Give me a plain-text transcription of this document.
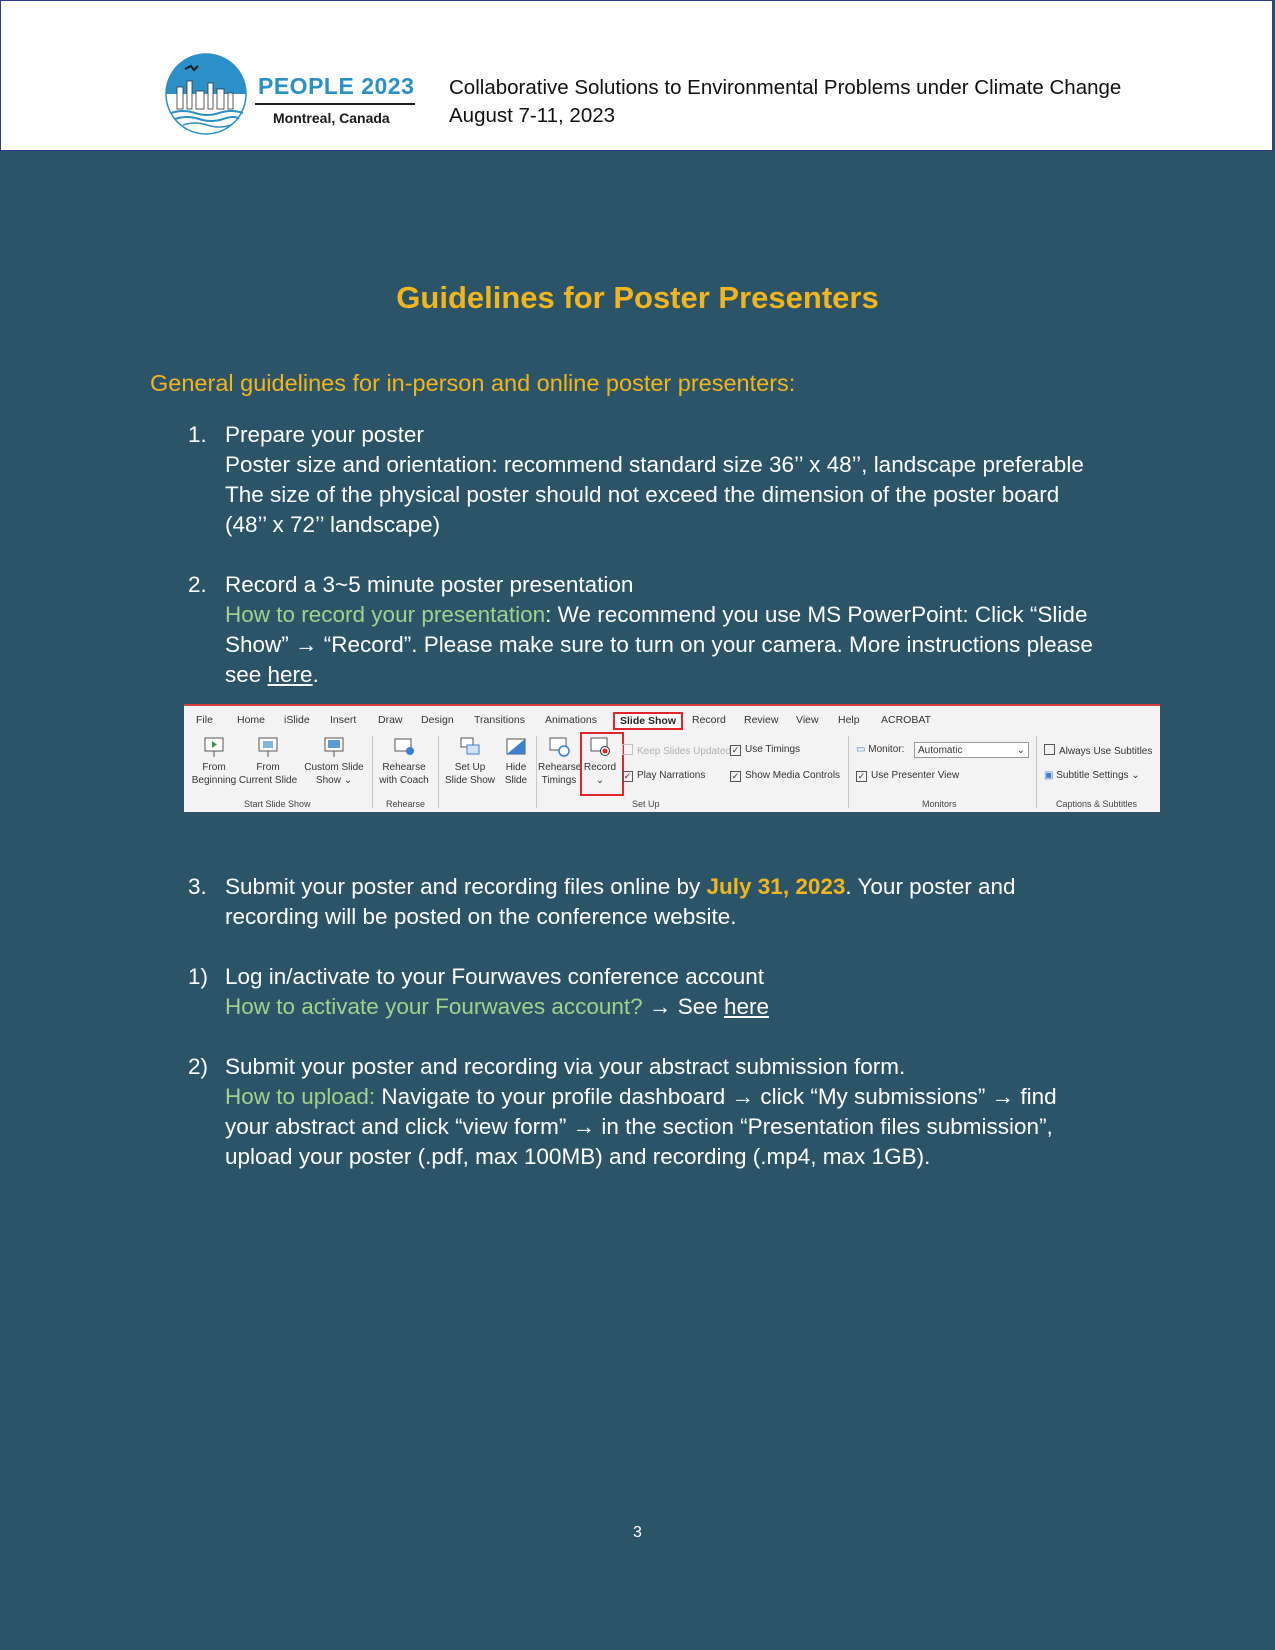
PEOPLE 2023
Montreal, Canada
Collaborative Solutions to Environmental Problems under Climate Change
August 7-11, 2023
Guidelines for Poster Presenters
General guidelines for in-person and online poster presenters:
1. Prepare your poster
Poster size and orientation: recommend standard size 36’’ x 48’’, landscape preferable
The size of the physical poster should not exceed the dimension of the poster board
(48’’ x 72’’ landscape)
2. Record a 3~5 minute poster presentation
How to record your presentation: We recommend you use MS PowerPoint: Click “Slide
Show” → “Record”. Please make sure to turn on your camera. More instructions please
see here.
File Home iSlide Insert Draw Design Transitions Animations	Slide Show	Record Review View Help ACROBAT
From
Beginning
From
Current Slide
Custom Slide
Show ⌄
Rehearse
with Coach
Set Up
Slide Show
Hide
Slide
Rehearse
Timings
Record
⌄
Keep Slides Updated ✓ Use Timings
✓ Play Narrations	✓ Show Media Controls
▭ Monitor:	Automatic	⌄
✓ Use Presenter View
Always Use Subtitles
▣ Subtitle Settings ⌄
Start Slide Show	Rehearse	Set Up	Monitors	Captions & Subtitles
3. Submit your poster and recording files online by July 31, 2023. Your poster and
recording will be posted on the conference website.
1) Log in/activate to your Fourwaves conference account
How to activate your Fourwaves account? → See here
2) Submit your poster and recording via your abstract submission form.
How to upload: Navigate to your profile dashboard → click “My submissions” → find
your abstract and click “view form” → in the section “Presentation files submission”,
upload your poster (.pdf, max 100MB) and recording (.mp4, max 1GB).
3
